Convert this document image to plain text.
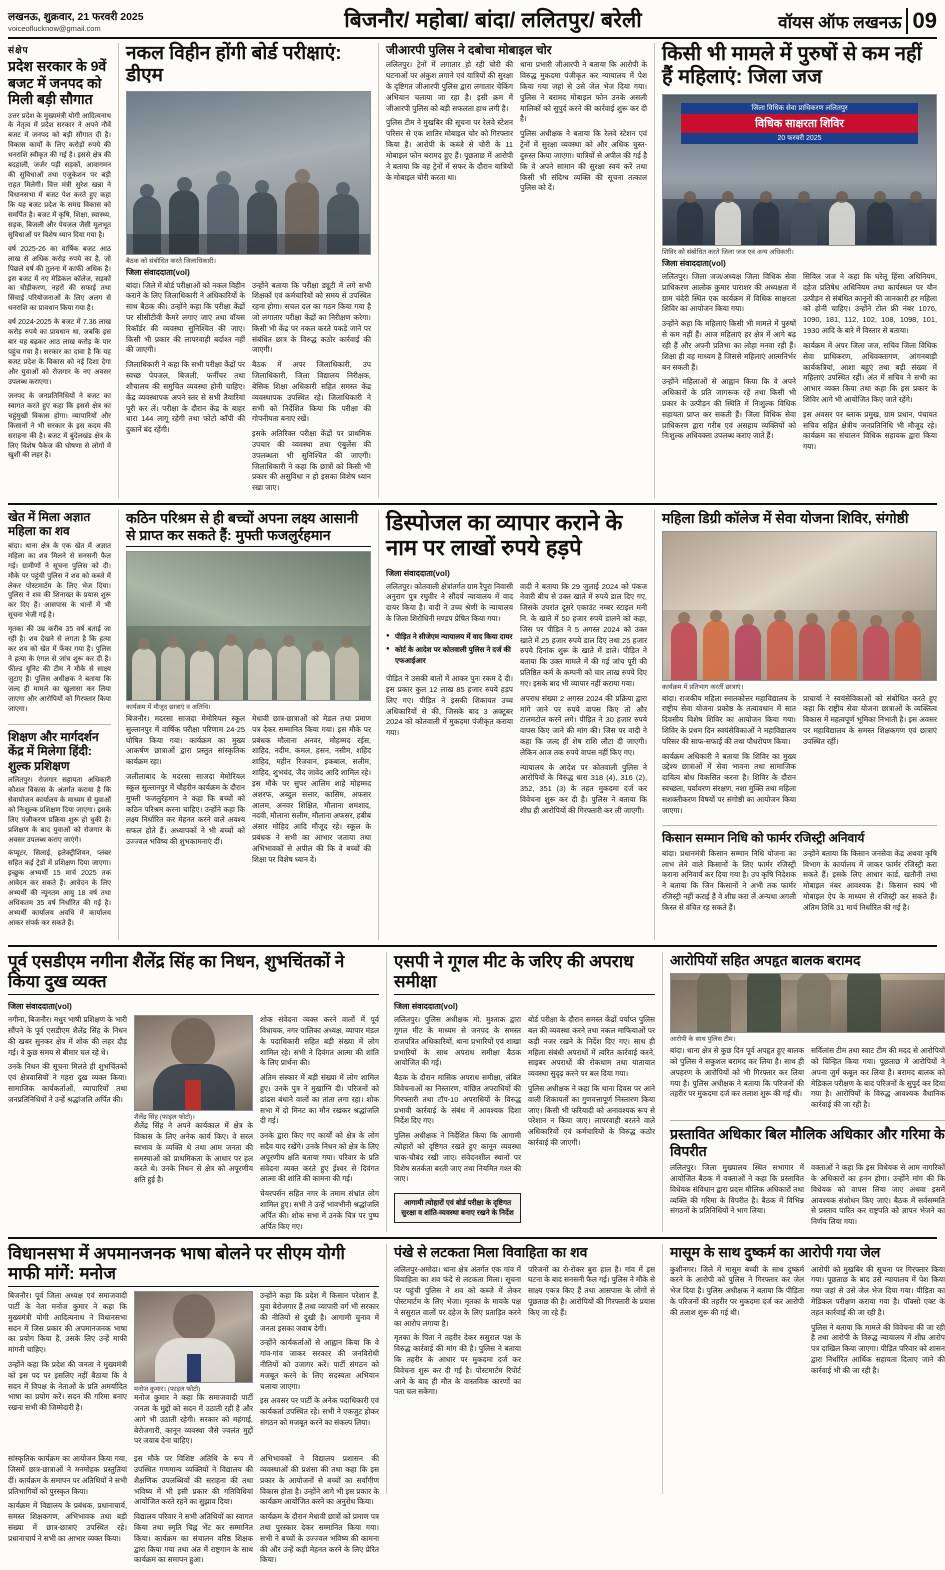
लखनऊ, शुक्रवार, 21 फरवरी 2025
voiceoflucknow@gmail.com	बिजनौर/ महोबा/ बांदा/ ललितपुर/ बरेली	वॉयस ऑफ लखनऊ 09
संक्षेप
प्रदेश सरकार के 9वें बजट में जनपद को मिली बड़ी सौगात

उत्तर प्रदेश के मुख्यमंत्री योगी आदित्यनाथ के नेतृत्व में प्रदेश सरकार ने अपने नौवें बजट में जनपद को बड़ी सौगात दी है। विकास कार्यों के लिए करोड़ों रुपये की धनराशि स्वीकृत की गई है। इससे क्षेत्र की बदहाली, जर्जर पड़ी सड़कों, आवागमन की सुविधाओं तथा एजुकेशन पर बड़ी राहत मिलेगी। वित्त मंत्री सुरेश खन्ना ने विधानसभा में बजट पेश करते हुए कहा कि यह बजट प्रदेश के समग्र विकास को समर्पित है। बजट में कृषि, शिक्षा, स्वास्थ्य, सड़क, बिजली और पेयजल जैसी मूलभूत सुविधाओं पर विशेष ध्यान दिया गया है।

वर्ष 2025-26 का वार्षिक बजट आठ लाख से अधिक करोड़ रुपये का है, जो पिछले वर्ष की तुलना में काफी अधिक है। इस बजट में नए मेडिकल कॉलेज, सड़कों का चौड़ीकरण, नहरों की सफाई तथा सिंचाई परियोजनाओं के लिए अलग से धनराशि का प्रावधान किया गया है।

वर्ष 2024-2025 के बजट में 7.36 लाख करोड़ रुपये का प्रावधान था, जबकि इस बार यह बढ़कर आठ लाख करोड़ के पार पहुंच गया है। सरकार का दावा है कि यह बजट प्रदेश के विकास को नई दिशा देगा और युवाओं को रोजगार के नए अवसर उपलब्ध कराएगा।

जनपद के जनप्रतिनिधियों ने बजट का स्वागत करते हुए कहा कि इससे क्षेत्र का चहुंमुखी विकास होगा। व्यापारियों और किसानों ने भी सरकार के इस कदम की सराहना की है। बजट में बुंदेलखंड क्षेत्र के लिए विशेष पैकेज की घोषणा से लोगों में खुशी की लहर है।

नकल विहीन होंगी बोर्ड परीक्षाएं: डीएम
बैठक को संबोधित करते जिलाधिकारी।
जिला संवाददाता(vol)

बांदा। जिले में बोर्ड परीक्षाओं को नकल विहीन कराने के लिए जिलाधिकारी ने अधिकारियों के साथ बैठक की। उन्होंने कहा कि परीक्षा केंद्रों पर सीसीटीवी कैमरे लगाए जाएं तथा वॉयस रिकॉर्डर की व्यवस्था सुनिश्चित की जाए। किसी भी प्रकार की लापरवाही बर्दाश्त नहीं की जाएगी।

जिलाधिकारी ने कहा कि सभी परीक्षा केंद्रों पर स्वच्छ पेयजल, बिजली, फर्नीचर तथा शौचालय की समुचित व्यवस्था होनी चाहिए। केंद्र व्यवस्थापक अपने स्तर से सभी तैयारियां पूरी कर लें। परीक्षा के दौरान केंद्र के बाहर धारा 144 लागू रहेगी तथा फोटो कॉपी की दुकानें बंद रहेंगी।

उन्होंने बताया कि परीक्षा ड्यूटी में लगे सभी शिक्षकों एवं कर्मचारियों को समय से उपस्थित रहना होगा। सचल दल का गठन किया गया है जो लगातार परीक्षा केंद्रों का निरीक्षण करेगा। किसी भी केंद्र पर नकल करते पकड़े जाने पर संबंधित छात्र के विरुद्ध कठोर कार्रवाई की जाएगी।

बैठक में अपर जिलाधिकारी, उप जिलाधिकारी, जिला विद्यालय निरीक्षक, बेसिक शिक्षा अधिकारी सहित समस्त केंद्र व्यवस्थापक उपस्थित रहे। जिलाधिकारी ने सभी को निर्देशित किया कि परीक्षा की गोपनीयता बनाए रखें।

इसके अतिरिक्त परीक्षा केंद्रों पर प्राथमिक उपचार की व्यवस्था तथा एंबुलेंस की उपलब्धता भी सुनिश्चित की जाएगी। जिलाधिकारी ने कहा कि छात्रों को किसी भी प्रकार की असुविधा न हो इसका विशेष ध्यान रखा जाए।

जीआरपी पुलिस ने दबोचा मोबाइल चोर

ललितपुर। ट्रेनों में लगातार हो रही चोरी की घटनाओं पर अंकुश लगाने एवं यात्रियों की सुरक्षा के दृष्टिगत जीआरपी पुलिस द्वारा लगातार चेकिंग अभियान चलाया जा रहा है। इसी क्रम में जीआरपी पुलिस को बड़ी सफलता हाथ लगी है।

पुलिस टीम ने मुखबिर की सूचना पर रेलवे स्टेशन परिसर से एक शातिर मोबाइल चोर को गिरफ्तार किया है। आरोपी के कब्जे से चोरी के 11 मोबाइल फोन बरामद हुए हैं। पूछताछ में आरोपी ने बताया कि वह ट्रेनों में सफर के दौरान यात्रियों के मोबाइल चोरी करता था।

थाना प्रभारी जीआरपी ने बताया कि आरोपी के विरुद्ध मुकदमा पंजीकृत कर न्यायालय में पेश किया गया जहां से उसे जेल भेज दिया गया। पुलिस ने बरामद मोबाइल फोन उनके असली मालिकों को सुपुर्द करने की कार्रवाई शुरू कर दी है।

पुलिस अधीक्षक ने बताया कि रेलवे स्टेशन एवं ट्रेनों में सुरक्षा व्यवस्था को और अधिक चुस्त-दुरुस्त किया जाएगा। यात्रियों से अपील की गई है कि वे अपने सामान की सुरक्षा स्वयं करें तथा किसी भी संदिग्ध व्यक्ति की सूचना तत्काल पुलिस को दें।

किसी भी मामले में पुरुषों से कम नहीं हैं महिलाएं: जिला जज
जिला विधिक सेवा प्राधिकरण ललितपुर
विधिक साक्षरता शिविर
20 फरवरी 2025
शिविर को संबोधित करते जिला जज एवं अन्य अधिकारी।
जिला संवाददाता(vol)

ललितपुर। जिला जज/अध्यक्ष जिला विधिक सेवा प्राधिकरण आलोक कुमार पाराशर की अध्यक्षता में ग्राम चंदेरी स्थित एक कार्यक्रम में विधिक साक्षरता शिविर का आयोजन किया गया।

उन्होंने कहा कि महिलाएं किसी भी मामले में पुरुषों से कम नहीं हैं। आज महिलाएं हर क्षेत्र में आगे बढ़ रही हैं और अपनी प्रतिभा का लोहा मनवा रही हैं। शिक्षा ही वह माध्यम है जिससे महिलाएं आत्मनिर्भर बन सकती हैं।

उन्होंने महिलाओं से आह्वान किया कि वे अपने अधिकारों के प्रति जागरूक रहें तथा किसी भी प्रकार के उत्पीड़न की स्थिति में निःशुल्क विधिक सहायता प्राप्त कर सकती हैं। जिला विधिक सेवा प्राधिकरण द्वारा गरीब एवं असहाय व्यक्तियों को निःशुल्क अधिवक्ता उपलब्ध कराए जाते हैं।

सिविल जज ने कहा कि घरेलू हिंसा अधिनियम, दहेज प्रतिषेध अधिनियम तथा कार्यस्थल पर यौन उत्पीड़न से संबंधित कानूनों की जानकारी हर महिला को होनी चाहिए। उन्होंने टोल फ्री नंबर 1076, 1090, 181, 112, 102, 108, 1098, 101, 1930 आदि के बारे में विस्तार से बताया।

कार्यक्रम में अपर जिला जज, सचिव जिला विधिक सेवा प्राधिकरण, अधिवक्तागण, आंगनबाड़ी कार्यकत्रियां, आशा बहुएं तथा बड़ी संख्या में महिलाएं उपस्थित रहीं। अंत में सचिव ने सभी का आभार व्यक्त किया तथा कहा कि इस प्रकार के शिविर आगे भी आयोजित किए जाते रहेंगे।

इस अवसर पर ब्लाक प्रमुख, ग्राम प्रधान, पंचायत सचिव सहित क्षेत्रीय जनप्रतिनिधि भी मौजूद रहे। कार्यक्रम का संचालन विधिक सहायक द्वारा किया गया।

खेत में मिला अज्ञात महिला का शव

बांदा। थाना क्षेत्र के एक खेत में अज्ञात महिला का शव मिलने से सनसनी फैल गई। ग्रामीणों ने सूचना पुलिस को दी। मौके पर पहुंची पुलिस ने शव को कब्जे में लेकर पोस्टमार्टम के लिए भेज दिया। पुलिस ने शव की शिनाख्त के प्रयास शुरू कर दिए हैं। आसपास के थानों में भी सूचना भेजी गई है।

मृतका की उम्र करीब 35 वर्ष बताई जा रही है। शव देखने से लगता है कि हत्या कर शव को खेत में फेंका गया है। पुलिस ने हत्या के एंगल से जांच शुरू कर दी है। फील्ड यूनिट की टीम ने मौके से साक्ष्य जुटाए हैं। पुलिस अधीक्षक ने बताया कि जल्द ही मामले का खुलासा कर लिया जाएगा और आरोपियों को गिरफ्तार किया जाएगा।

शिक्षण और मार्गदर्शन केंद्र में मिलेगा हिंदी: शुल्क प्रशिक्षण

ललितपुर। रोजगार सहायता अधिकारी कौशल विकास के अंतर्गत कराया है कि सेवायोजन कार्यालय के माध्यम से युवाओं को निःशुल्क प्रशिक्षण दिया जाएगा। इसके लिए पंजीकरण प्रक्रिया शुरू हो चुकी है। प्रशिक्षण के बाद युवाओं को रोजगार के अवसर उपलब्ध कराए जाएंगे।

कंप्यूटर, सिलाई, इलेक्ट्रीशियन, प्लंबर सहित कई ट्रेडों में प्रशिक्षण दिया जाएगा। इच्छुक अभ्यर्थी 15 मार्च 2025 तक आवेदन कर सकते हैं। आवेदन के लिए अभ्यर्थी की न्यूनतम आयु 18 वर्ष तथा अधिकतम 35 वर्ष निर्धारित की गई है। अभ्यर्थी कार्यालय अवधि में कार्यालय आकर संपर्क कर सकते हैं।

कठिन परिश्रम से ही बच्चों अपना लक्ष्य आसानी से प्राप्त कर सकते हैं: मुफ्ती फजलुर्रहमान
कार्यक्रम में मौजूद छात्राएं व अतिथि।

बिजनौर। मदरसा साजदा मेमोरियल स्कूल सुल्तानपुर में वार्षिक परीक्षा परिणाम 24-25 घोषित किया गया। कार्यक्रम का मुख्य आकर्षण छात्राओं द्वारा प्रस्तुत सांस्कृतिक कार्यक्रम रहा।

जलीलाबाद के मदरसा साजदा मेमोरियल स्कूल सुल्तानपुर में चौहरीन कार्यक्रम के दौरान मुफ्ती फजलुर्रहमान ने कहा कि बच्चों को कठिन परिश्रम करना चाहिए। उन्होंने कहा कि लक्ष्य निर्धारित कर मेहनत करने वाले अवश्य सफल होते हैं। अध्यापकों ने भी बच्चों को उज्ज्वल भविष्य की शुभकामनाएं दीं।

मेधावी छात्र-छात्राओं को मेडल तथा प्रमाण पत्र देकर सम्मानित किया गया। इस मौके पर प्रबंधक मौलाना अनवर, मोहम्मद रईस, शाहिद, नदीम, कमल, हसन, नसीम, शहिद शाहिद, महीन रिजवान, इकबाल, सलीम, शाहिद, शुभचंद, जैद जावेद आदि शामिल रहे। इस मौके पर सुपर आलिम शाहे मोहम्मद अशरफ, अब्दुल सत्तार, कासिम, अफसर आलम, अनवर शिक्षित, मौलाना शमशाद, नदवी, मौलाना सलीम, मौलाना अफसर, हबीब अंसार मोहिद आदि मौजूद रहे। स्कूल के प्रबंधक ने सभी का आभार जताया तथा अभिभावकों से अपील की कि वे बच्चों की शिक्षा पर विशेष ध्यान दें।

डिस्पोजल का व्यापार कराने के नाम पर लाखों रुपये हड़पे
जिला संवाददाता(vol)

ललितपुर। कोतवाली क्षेत्रांतर्गत ग्राम रैपुरा निवासी अनुराग पुत्र रघुवीर ने सौंदर्य न्यायालय में वाद दायर किया है। वादी ने उच्च श्रेणी के न्यायालय के जिला शिरोधिनी मण्डप प्रेषित किया गया।

● पीड़ित ने सीजेएम न्यायालय में वाद किया दायर
● कोर्ट के आदेश पर कोतवाली पुलिस ने दर्ज की एफआईआर

पीड़ित ने उसकी बातों में आकर पुनः रकम दे दी। इस प्रकार कुल 12 लाख 85 हजार रुपये हड़प लिए गए। पीड़ित ने इसकी शिकायत उच्च अधिकारियों से की, जिसके बाद 3 अक्टूबर 2024 को कोतवाली में मुकदमा पंजीकृत कराया गया।

वादी ने बताया कि 29 जुलाई 2024 को पंकज नेवारी बीच से उक्त खाते में रुपये डाल दिए गए, जिसके उपरांत दूसरे एकाउंट नम्बर स्टाइल मनी नि. के खाते में 50 हजार रुपये डालने को कहा, जिस पर पीड़ित ने 5 अगस्त 2024 को उक्त खाते में 25 हजार रुपये डाल दिए तथा 25 हजार रुपये दिनांक शुरू के खाते में डाले। पीड़ित ने बताया कि उक्त मामले में की गई जांच पूरी की प्रतिष्ठित कर्म के कम्पनी को चार लाख रुपये दिए गए। इसके बाद भी व्यापार नहीं कराया गया।

अपराध संख्या 2 अगस्त 2024 की प्रक्रिया द्वारा मांगे जाने पर रुपये वापस किए तो और टालमटोल करने लगे। पीड़ित ने 30 हजार रुपये वापस किए जाने की मांग की। जिस पर वादी ने कहा कि जल्द ही शेष राशि लौटा दी जाएगी। लेकिन आज तक रुपये वापस नहीं किए गए।

न्यायालय के आदेश पर कोतवाली पुलिस ने आरोपियों के विरुद्ध धारा 318 (4), 316 (2), 352, 351 (3) के तहत मुकदमा दर्ज कर विवेचना शुरू कर दी है। पुलिस ने बताया कि शीघ्र ही आरोपियों की गिरफ्तारी कर ली जाएगी।

महिला डिग्री कॉलेज में सेवा योजना शिविर, संगोष्ठी
कार्यक्रम में प्रतिभाग करतीं छात्राएं।

बांदा। राजकीय महिला स्नातकोत्तर महाविद्यालय के राष्ट्रीय सेवा योजना प्रकोष्ठ के तत्वावधान में सात दिवसीय विशेष शिविर का आयोजन किया गया। शिविर के प्रथम दिन स्वयंसेविकाओं ने महाविद्यालय परिसर की साफ-सफाई की तथा पौधरोपण किया।

कार्यक्रम अधिकारी ने बताया कि शिविर का मुख्य उद्देश्य छात्राओं में सेवा भावना तथा सामाजिक दायित्व बोध विकसित करना है। शिविर के दौरान स्वच्छता, पर्यावरण संरक्षण, नशा मुक्ति तथा महिला सशक्तीकरण विषयों पर संगोष्ठी का आयोजन किया जाएगा।

प्राचार्या ने स्वयंसेविकाओं को संबोधित करते हुए कहा कि राष्ट्रीय सेवा योजना छात्राओं के व्यक्तित्व विकास में महत्वपूर्ण भूमिका निभाती है। इस अवसर पर महाविद्यालय के समस्त शिक्षकगण एवं छात्राएं उपस्थित रहीं।

किसान सम्मान निधि को फार्मर रजिस्ट्री अनिवार्य

बांदा। प्रधानमंत्री किसान सम्मान निधि योजना का लाभ लेने वाले किसानों के लिए फार्मर रजिस्ट्री कराना अनिवार्य कर दिया गया है। उप कृषि निदेशक ने बताया कि जिन किसानों ने अभी तक फार्मर रजिस्ट्री नहीं कराई है वे शीघ्र करा लें अन्यथा अगली किस्त से वंचित रह सकते हैं।

उन्होंने बताया कि किसान जनसेवा केंद्र अथवा कृषि विभाग के कार्यालय में जाकर फार्मर रजिस्ट्री करा सकते हैं। इसके लिए आधार कार्ड, खतौनी तथा मोबाइल नंबर आवश्यक है। किसान स्वयं भी मोबाइल ऐप के माध्यम से रजिस्ट्री कर सकते हैं। अंतिम तिथि 31 मार्च निर्धारित की गई है।

पूर्व एसडीएम नगीना शैलेंद्र सिंह का निधन, शुभचिंतकों ने किया दुख व्यक्त
जिला संवाददाता(vol)

नगीना, बिजनौर। मधुर भाषी प्रशिक्षण के भारी सौंपने के पूर्व एसडीएम शैलेंद्र सिंह के निधन की खबर सुनकर क्षेत्र में शोक की लहर दौड़ गई। वे कुछ समय से बीमार चल रहे थे।

उनके निधन की सूचना मिलते ही शुभचिंतकों एवं क्षेत्रवासियों ने गहरा दुख व्यक्त किया। सामाजिक कार्यकर्ताओं, व्यापारियों तथा जनप्रतिनिधियों ने उन्हें श्रद्धांजलि अर्पित की।

शैलेंद्र सिंह (फाइल फोटो)।

शैलेंद्र सिंह ने अपने कार्यकाल में क्षेत्र के विकास के लिए अनेक कार्य किए। वे सरल स्वभाव के व्यक्ति थे तथा आम जनता की समस्याओं को प्राथमिकता के आधार पर हल करते थे। उनके निधन से क्षेत्र को अपूरणीय क्षति हुई है।

शोक संवेदना व्यक्त करने वालों में पूर्व विधायक, नगर पालिका अध्यक्ष, व्यापार मंडल के पदाधिकारी सहित बड़ी संख्या में लोग शामिल रहे। सभी ने दिवंगत आत्मा की शांति के लिए प्रार्थना की।

अंतिम संस्कार में बड़ी संख्या में लोग शामिल हुए। उनके पुत्र ने मुखाग्नि दी। परिजनों को ढांढस बंधाने वालों का तांता लगा रहा। शोक सभा में दो मिनट का मौन रखकर श्रद्धांजलि दी गई।

उनके द्वारा किए गए कार्यों को क्षेत्र के लोग सदैव याद रखेंगे। उनके निधन को क्षेत्र के लिए अपूरणीय क्षति बताया गया। परिवार के प्रति संवेदना व्यक्त करते हुए ईश्वर से दिवंगत आत्मा की शांति की कामना की गई।

चेयरपर्सन सहित नगर के तमाम संभ्रांत लोग शामिल हुए। सभी ने उन्हें भावभीनी श्रद्धांजलि अर्पित की। शोक सभा में उनके चित्र पर पुष्प अर्पित किए गए।

एसपी ने गूगल मीट के जरिए की अपराध समीक्षा
जिला संवाददाता(vol)

ललितपुर। पुलिस अधीक्षक मो. मुश्ताक द्वारा गूगल मीट के माध्यम से जनपद के समस्त राजपत्रित अधिकारियों, थाना प्रभारियों एवं शाखा प्रभारियों के साथ अपराध समीक्षा बैठक आयोजित की गई।

बैठक के दौरान मासिक अपराध समीक्षा, लंबित विवेचनाओं का निस्तारण, वांछित अपराधियों की गिरफ्तारी तथा टॉप-10 अपराधियों के विरुद्ध प्रभावी कार्रवाई के संबंध में आवश्यक दिशा निर्देश दिए गए।

पुलिस अधीक्षक ने निर्देशित किया कि आगामी त्योहारों को दृष्टिगत रखते हुए कानून व्यवस्था चाक-चौबंद रखी जाए। संवेदनशील स्थानों पर विशेष सतर्कता बरती जाए तथा नियमित गश्त की जाए।

आगामी त्योहारों एवं बोर्ड परीक्षा के दृष्टिगत सुरक्षा व शांति-व्यवस्था बनाए रखने के निर्देश

बोर्ड परीक्षा के दौरान समस्त केंद्रों पर्याप्त पुलिस बल की व्यवस्था करने तथा नकल माफियाओं पर कड़ी नजर रखने के निर्देश दिए गए। साथ ही महिला संबंधी अपराधों में त्वरित कार्रवाई करने, साइबर अपराधों की रोकथाम तथा यातायात व्यवस्था सुदृढ़ करने पर बल दिया गया।

पुलिस अधीक्षक ने कहा कि थाना दिवस पर आने वाली शिकायतों का गुणवत्तापूर्ण निस्तारण किया जाए। किसी भी फरियादी को अनावश्यक रूप से परेशान न किया जाए। लापरवाही बरतने वाले अधिकारियों एवं कर्मचारियों के विरुद्ध कठोर कार्रवाई की जाएगी।

आरोपियों सहित अपहृत बालक बरामद
आरोपी के साथ पुलिस टीम।

बांदा। थाना क्षेत्र से कुछ दिन पूर्व अपहृत हुए बालक को पुलिस ने सकुशल बरामद कर लिया है। साथ ही अपहरण के आरोपियों को भी गिरफ्तार कर लिया गया है। पुलिस अधीक्षक ने बताया कि परिजनों की तहरीर पर मुकदमा दर्ज कर तलाश शुरू की गई थी।

सर्विलांस टीम तथा स्वाट टीम की मदद से आरोपियों को चिन्हित किया गया। पूछताछ में आरोपियों ने अपना जुर्म कबूल कर लिया है। बरामद बालक को मेडिकल परीक्षण के बाद परिजनों के सुपुर्द कर दिया गया है। आरोपियों के विरुद्ध आवश्यक वैधानिक कार्रवाई की जा रही है।

प्रस्तावित अधिकार बिल मौलिक अधिकार और गरिमा के विपरीत

ललितपुर। जिला मुख्यालय स्थित सभागार में आयोजित बैठक में वक्ताओं ने कहा कि प्रस्तावित विधेयक संविधान द्वारा प्रदत्त मौलिक अधिकारों तथा व्यक्ति की गरिमा के विपरीत है। बैठक में विभिन्न संगठनों के प्रतिनिधियों ने भाग लिया।

वक्ताओं ने कहा कि इस विधेयक से आम नागरिकों के अधिकारों का हनन होगा। उन्होंने मांग की कि विधेयक को वापस लिया जाए अथवा इसमें आवश्यक संशोधन किए जाएं। बैठक में सर्वसम्मति से प्रस्ताव पारित कर राष्ट्रपति को ज्ञापन भेजने का निर्णय लिया गया।

विधानसभा में अपमानजनक भाषा बोलने पर सीएम योगी माफी मांगें: मनोज

बिजनौर। पूर्व जिला अध्यक्ष एवं समाजवादी पार्टी के नेता मनोज कुमार ने कहा कि मुख्यमंत्री योगी आदित्यनाथ ने विधानसभा सदन में जिस प्रकार की अपमानजनक भाषा का प्रयोग किया है, उसके लिए उन्हें माफी मांगनी चाहिए।

उन्होंने कहा कि प्रदेश की जनता ने मुख्यमंत्री को इस पद पर इसलिए नहीं बैठाया कि वे सदन में विपक्ष के नेताओं के प्रति अमर्यादित भाषा का प्रयोग करें। सदन की गरिमा बनाए रखना सभी की जिम्मेदारी है।

मनोज कुमार। (फाइल फोटो)

मनोज कुमार ने कहा कि समाजवादी पार्टी जनता के मुद्दों को सदन में उठाती रही है और आगे भी उठाती रहेगी। सरकार को महंगाई, बेरोजगारी, कानून व्यवस्था जैसे ज्वलंत मुद्दों पर जवाब देना चाहिए।

उन्होंने कहा कि प्रदेश में किसान परेशान हैं, युवा बेरोजगार हैं तथा व्यापारी वर्ग भी सरकार की नीतियों से दुखी है। आगामी चुनाव में जनता इसका जवाब देगी।

उन्होंने कार्यकर्ताओं से आह्वान किया कि वे गांव-गांव जाकर सरकार की जनविरोधी नीतियों को उजागर करें। पार्टी संगठन को मजबूत करने के लिए सदस्यता अभियान चलाया जाएगा।

इस अवसर पर पार्टी के अनेक पदाधिकारी एवं कार्यकर्ता उपस्थित रहे। सभी ने एकजुट होकर संगठन को मजबूत करने का संकल्प लिया।

सांस्कृतिक कार्यक्रम का आयोजन किया गया, जिसमें छात्र-छात्राओं ने मनमोहक प्रस्तुतियां दीं। कार्यक्रम के समापन पर अतिथियों ने सभी प्रतिभागियों को पुरस्कृत किया।

कार्यक्रम में विद्यालय के प्रबंधक, प्रधानाचार्य, समस्त शिक्षकगण, अभिभावक तथा बड़ी संख्या में छात्र-छात्राएं उपस्थित रहे। प्रधानाचार्य ने सभी का आभार व्यक्त किया।

इस मौके पर विशिष्ट अतिथि के रूप में उपस्थित गणमान्य व्यक्तियों ने विद्यालय की शैक्षणिक उपलब्धियों की सराहना की तथा भविष्य में भी इसी प्रकार की गतिविधियां आयोजित करते रहने का सुझाव दिया।

विद्यालय परिवार ने सभी अतिथियों का स्वागत किया तथा स्मृति चिह्न भेंट कर सम्मानित किया। कार्यक्रम का संचालन वरिष्ठ शिक्षक द्वारा किया गया तथा अंत में राष्ट्रगान के साथ कार्यक्रम का समापन हुआ।

अभिभावकों ने विद्यालय प्रशासन की व्यवस्थाओं की प्रशंसा की तथा कहा कि इस प्रकार के आयोजनों से बच्चों का सर्वांगीण विकास होता है। उन्होंने आगे भी इस प्रकार के कार्यक्रम आयोजित करने का अनुरोध किया।

कार्यक्रम के दौरान मेधावी छात्रों को प्रमाण पत्र तथा पुरस्कार देकर सम्मानित किया गया। सभी ने बच्चों के उज्ज्वल भविष्य की कामना की और उन्हें कड़ी मेहनत करने के लिए प्रेरित किया।

पंखे से लटकता मिला विवाहिता का शव

ललितपुर-अमोदा। थाना क्षेत्र अंतर्गत एक गांव में विवाहिता का शव फंदे से लटकता मिला। सूचना पर पहुंची पुलिस ने शव को कब्जे में लेकर पोस्टमार्टम के लिए भेजा। मृतका के मायके पक्ष ने ससुराल वालों पर दहेज के लिए प्रताड़ित करने का आरोप लगाया है।

मृतका के पिता ने तहरीर देकर ससुराल पक्ष के विरुद्ध कार्रवाई की मांग की है। पुलिस ने बताया कि तहरीर के आधार पर मुकदमा दर्ज कर विवेचना शुरू कर दी गई है। पोस्टमार्टम रिपोर्ट आने के बाद ही मौत के वास्तविक कारणों का पता चल सकेगा।

परिजनों का रो-रोकर बुरा हाल है। गांव में इस घटना के बाद सनसनी फैल गई। पुलिस ने मौके से साक्ष्य एकत्र किए हैं तथा आसपास के लोगों से पूछताछ की है। आरोपियों की गिरफ्तारी के प्रयास किए जा रहे हैं।

मासूम के साथ दुष्कर्म का आरोपी गया जेल

कुशीनगर। जिले में मासूम बच्ची के साथ दुष्कर्म करने के आरोपी को पुलिस ने गिरफ्तार कर जेल भेज दिया है। पुलिस अधीक्षक ने बताया कि पीड़िता के परिजनों की तहरीर पर मुकदमा दर्ज कर आरोपी की तलाश शुरू की गई थी।

आरोपी को मुखबिर की सूचना पर गिरफ्तार किया गया। पूछताछ के बाद उसे न्यायालय में पेश किया गया जहां से उसे जेल भेज दिया गया। पीड़िता का मेडिकल परीक्षण कराया गया है। पॉक्सो एक्ट के तहत कार्रवाई की जा रही है।

पुलिस ने बताया कि मामले की विवेचना की जा रही है तथा आरोपी के विरुद्ध न्यायालय में शीघ्र आरोप पत्र दाखिल किया जाएगा। पीड़ित परिवार को शासन द्वारा निर्धारित आर्थिक सहायता दिलाए जाने की कार्रवाई भी की जा रही है।
